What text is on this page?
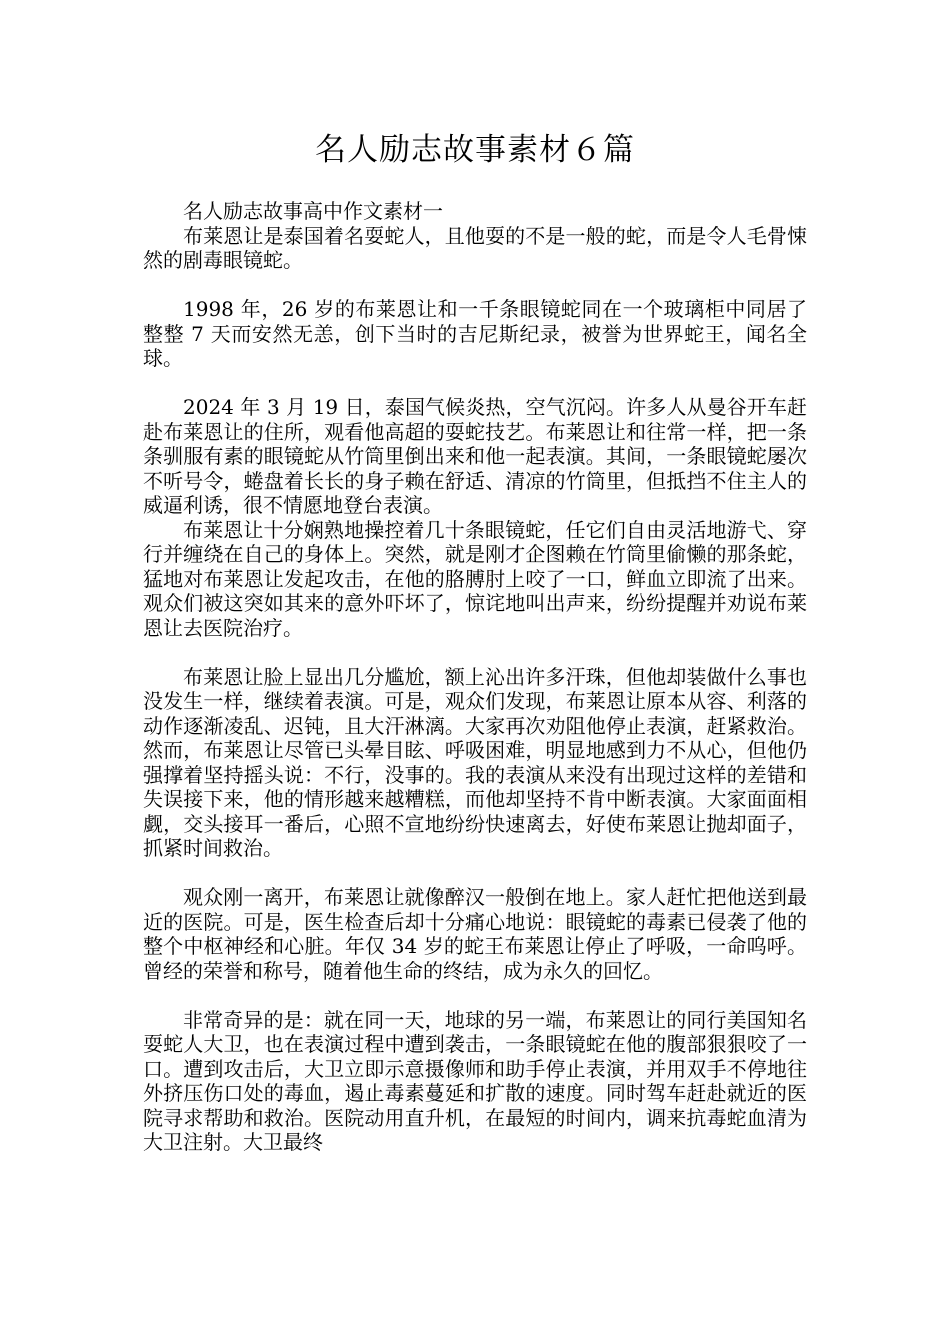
名人励志故事素材６篇

名人励志故事高中作文素材一

布莱恩让是泰国着名耍蛇人，且他耍的不是一般的蛇，而是令人毛骨悚然的剧毒眼镜蛇。

1998 年，26 岁的布莱恩让和一千条眼镜蛇同在一个玻璃柜中同居了整整 7 天而安然无恙，创下当时的吉尼斯纪录，被誉为世界蛇王，闻名全球。

2024 年 3 月 19 日，泰国气候炎热，空气沉闷。许多人从曼谷开车赶赴布莱恩让的住所，观看他高超的耍蛇技艺。布莱恩让和往常一样，把一条条驯服有素的眼镜蛇从竹筒里倒出来和他一起表演。其间，一条眼镜蛇屡次不听号令，蜷盘着长长的身子赖在舒适、清凉的竹筒里，但抵挡不住主人的威逼利诱，很不情愿地登台表演。

布莱恩让十分娴熟地操控着几十条眼镜蛇，任它们自由灵活地游弋、穿行并缠绕在自己的身体上。突然，就是刚才企图赖在竹筒里偷懒的那条蛇，猛地对布莱恩让发起攻击，在他的胳膊肘上咬了一口，鲜血立即流了出来。观众们被这突如其来的意外吓坏了，惊诧地叫出声来，纷纷提醒并劝说布莱恩让去医院治疗。

布莱恩让脸上显出几分尴尬，额上沁出许多汗珠，但他却装做什么事也没发生一样，继续着表演。可是，观众们发现，布莱恩让原本从容、利落的动作逐渐凌乱、迟钝，且大汗淋漓。大家再次劝阻他停止表演，赶紧救治。然而，布莱恩让尽管已头晕目眩、呼吸困难，明显地感到力不从心，但他仍强撑着坚持摇头说：不行，没事的。我的表演从来没有出现过这样的差错和失误接下来，他的情形越来越糟糕，而他却坚持不肯中断表演。大家面面相觑，交头接耳一番后，心照不宣地纷纷快速离去，好使布莱恩让抛却面子，抓紧时间救治。

观众刚一离开，布莱恩让就像醉汉一般倒在地上。家人赶忙把他送到最近的医院。可是，医生检查后却十分痛心地说：眼镜蛇的毒素已侵袭了他的整个中枢神经和心脏。年仅 34 岁的蛇王布莱恩让停止了呼吸，一命呜呼。曾经的荣誉和称号，随着他生命的终结，成为永久的回忆。

非常奇异的是：就在同一天，地球的另一端，布莱恩让的同行美国知名耍蛇人大卫，也在表演过程中遭到袭击，一条眼镜蛇在他的腹部狠狠咬了一口。遭到攻击后，大卫立即示意摄像师和助手停止表演，并用双手不停地往外挤压伤口处的毒血，遏止毒素蔓延和扩散的速度。同时驾车赶赴就近的医院寻求帮助和救治。医院动用直升机，在最短的时间内，调来抗毒蛇血清为大卫注射。大卫最终
